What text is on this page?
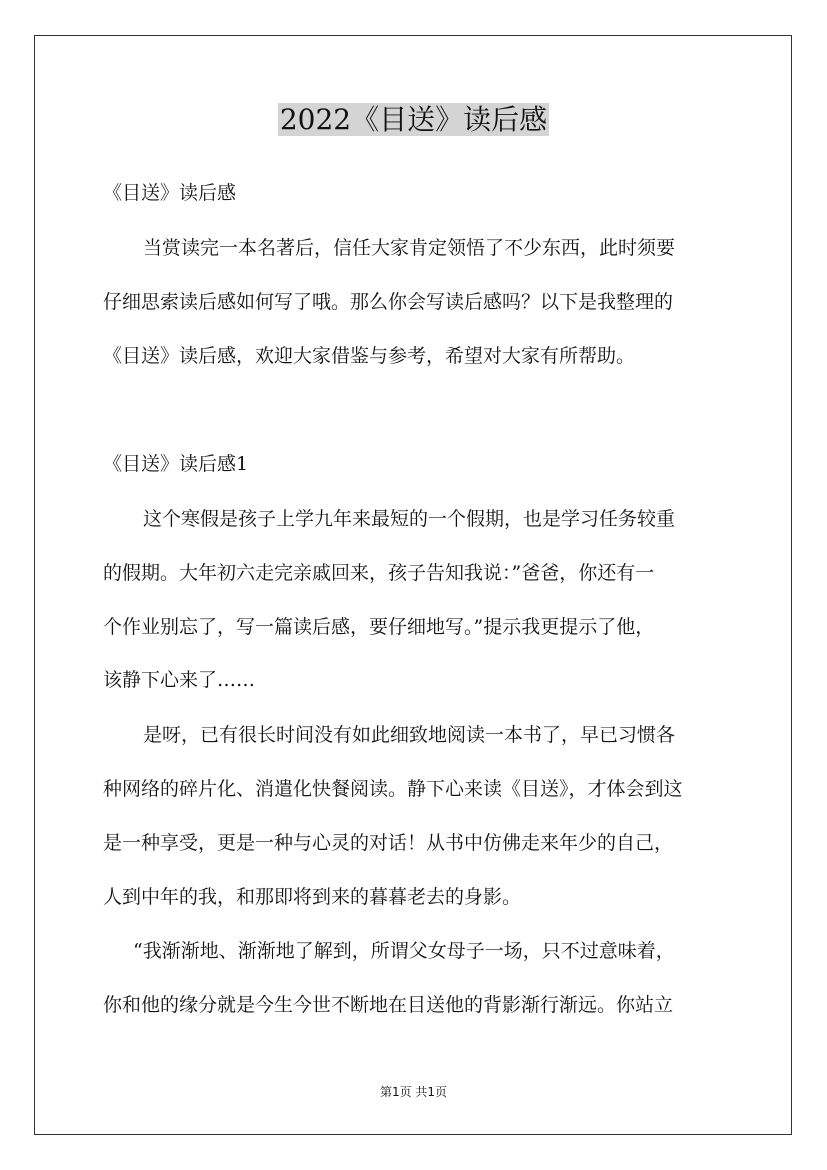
2022《目送》读后感
《目送》读后感
当赏读完一本名著后，信任大家肯定领悟了不少东西，此时须要
仔细思索读后感如何写了哦。那么你会写读后感吗？以下是我整理的
《目送》读后感，欢迎大家借鉴与参考，希望对大家有所帮助。
《目送》读后感1
这个寒假是孩子上学九年来最短的一个假期，也是学习任务较重
的假期。大年初六走完亲戚回来，孩子告知我说：”爸爸，你还有一
个作业别忘了，写一篇读后感，要仔细地写。”提示我更提示了他，
该静下心来了……
是呀，已有很长时间没有如此细致地阅读一本书了，早已习惯各
种网络的碎片化、消遣化快餐阅读。静下心来读《目送》，才体会到这
是一种享受，更是一种与心灵的对话！从书中仿佛走来年少的自己，
人到中年的我，和那即将到来的暮暮老去的身影。
“我渐渐地、渐渐地了解到，所谓父女母子一场，只不过意味着，
你和他的缘分就是今生今世不断地在目送他的背影渐行渐远。你站立
第1页 共1页
